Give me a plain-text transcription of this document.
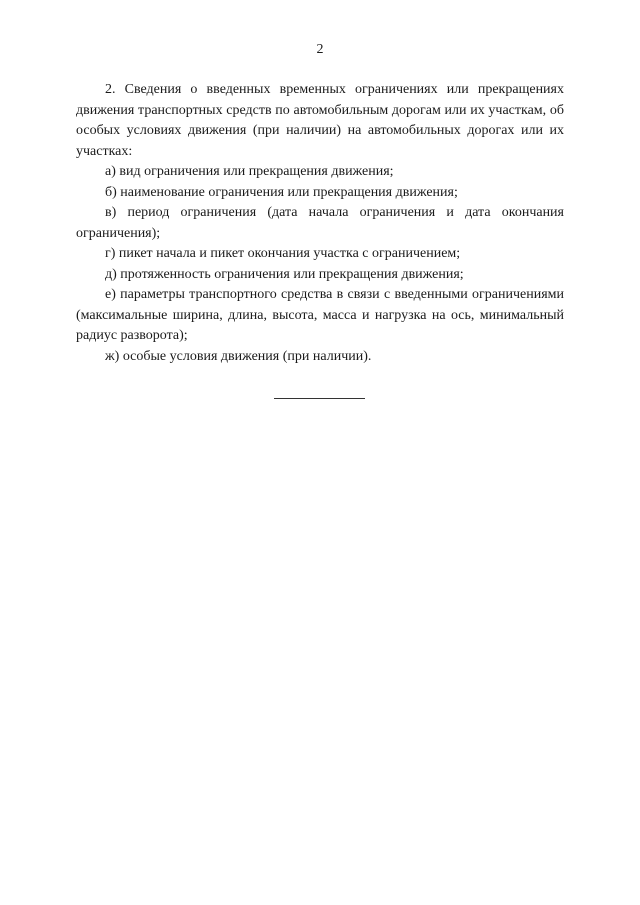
2

2. Сведения о введенных временных ограничениях или прекращениях движения транспортных средств по автомобильным дорогам или их участкам, об особых условиях движения (при наличии) на автомобильных дорогах или их участках:

а) вид ограничения или прекращения движения;

б) наименование ограничения или прекращения движения;

в) период ограничения (дата начала ограничения и дата окончания ограничения);

г) пикет начала и пикет окончания участка с ограничением;

д) протяженность ограничения или прекращения движения;

е) параметры транспортного средства в связи с введенными ограничениями (максимальные ширина, длина, высота, масса и нагрузка на ось, минимальный радиус разворота);

ж) особые условия движения (при наличии).
